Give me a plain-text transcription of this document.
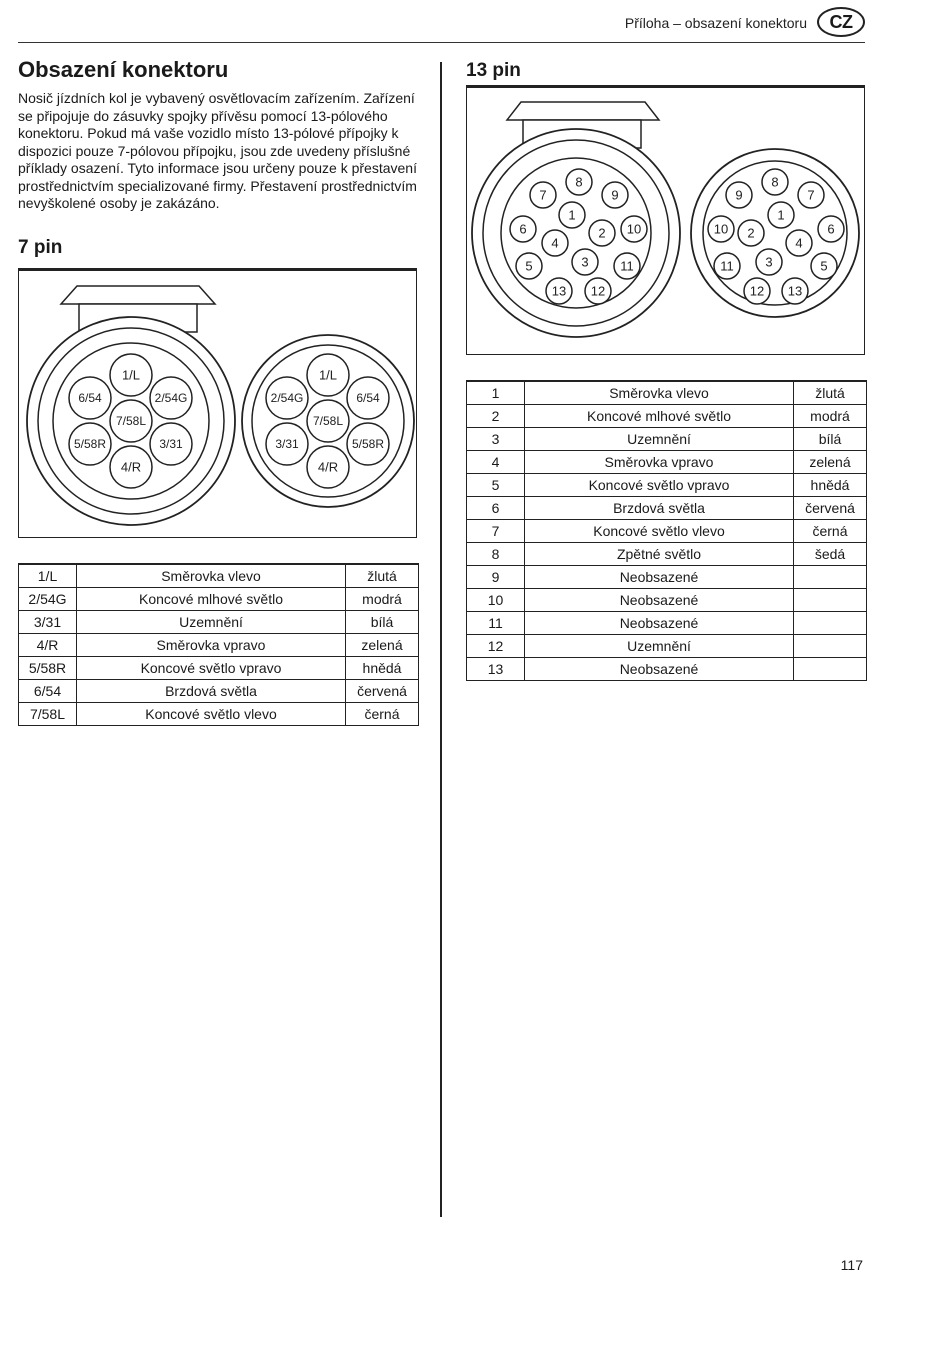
Příloha – obsazení konektoru	CZ
Obsazení konektoru

Nosič jízdních kol je vybavený osvětlovacím zařízením. Zařízení se připojuje do zásuvky spojky přívěsu pomocí 13-pólového konektoru. Pokud má vaše vozidlo místo 13-pólové přípojky k dispozici pouze 7-pólovou přípojku, jsou zde uvedeny příslušné příklady osazení. Tyto informace jsou určeny pouze k přestavení prostřednictvím specializované firmy. Přestavení prostřednictvím nevyškolené osoby je zakázáno.

7 pin
1/L
2/54G
6/54
7/58L
5/58R	3/31
4/R
1/L
6/54
2/54G
7/58L
3/31	5/58R
4/R
13 pin
8
7	9
1
6	10
2
4
3
5	11
13 12
8
9	7
1
10	6
2
4
3
11	5
12 13
1/L	Směrovka vlevo	žlutá
2/54G	Koncové mlhové světlo	modrá
3/31	Uzemnění	bílá
4/R	Směrovka vpravo	zelená
5/58R	Koncové světlo vpravo	hnědá
6/54	Brzdová světla	červená
7/58L	Koncové světlo vlevo	černá
1	Směrovka vlevo	žlutá
2	Koncové mlhové světlo	modrá
3	Uzemnění	bílá
4	Směrovka vpravo	zelená
5	Koncové světlo vpravo	hnědá
6	Brzdová světla	červená
7	Koncové světlo vlevo	černá
8	Zpětné světlo	šedá
9	Neobsazené	
10	Neobsazené	
11	Neobsazené	
12	Uzemnění	
13	Neobsazené	
117
